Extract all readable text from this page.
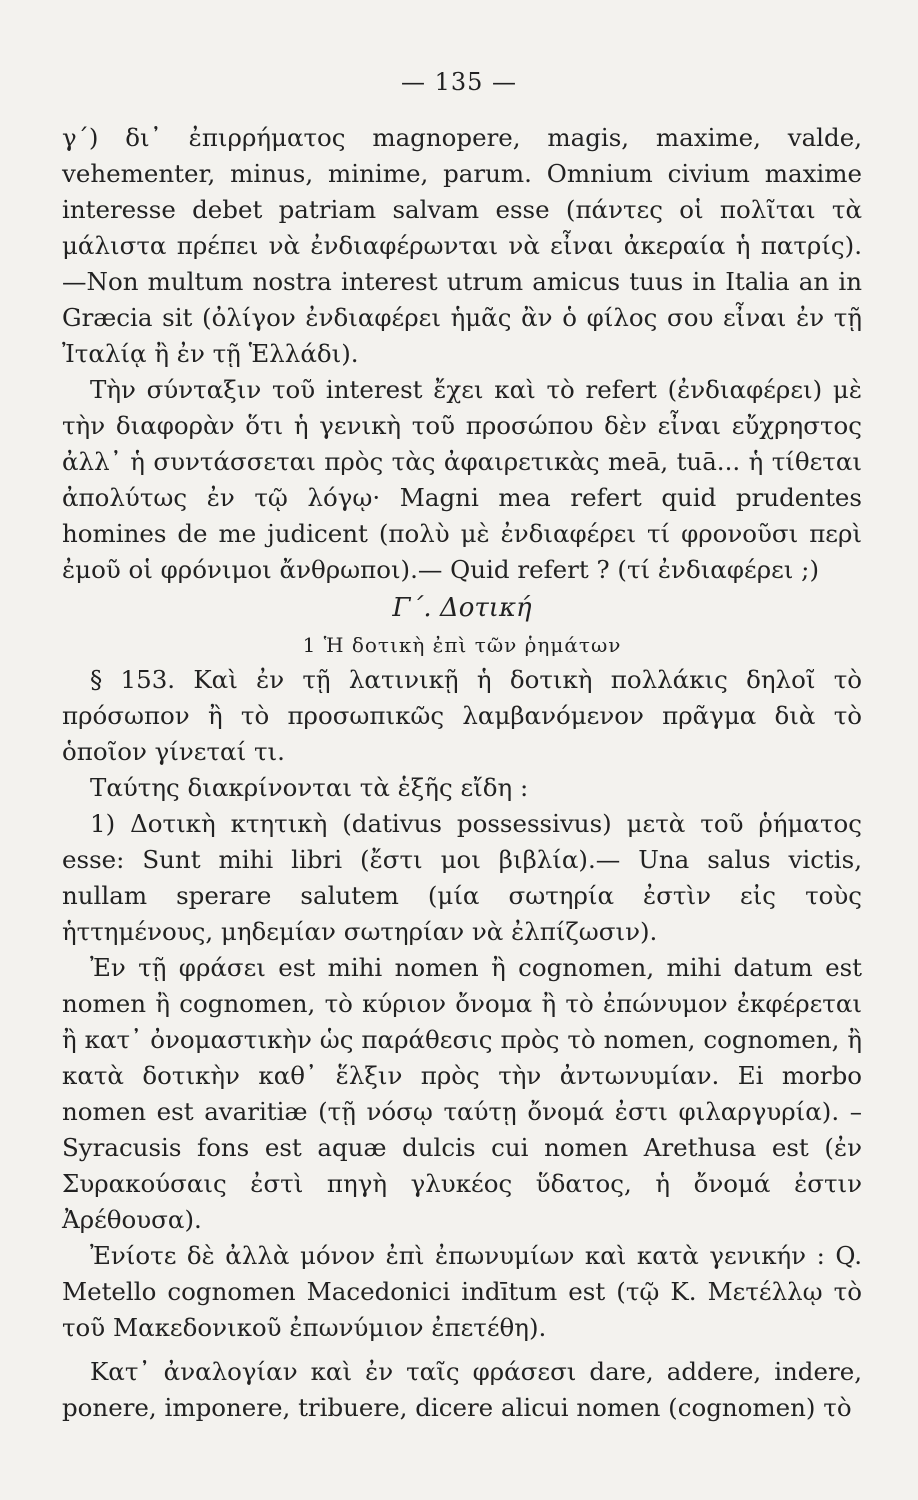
— 135 —

γ΄) δι᾽ ἐπιρρήματος magnopere, magis, maxime, valde, vehementer, minus, minime, parum. Omnium civium maxime interesse debet patriam salvam esse (πάντες οἱ πολῖται τὰ μάλιστα πρέπει νὰ ἐνδιαφέρωνται νὰ εἶναι ἀκεραία ἡ πατρίς).—Non multum nostra interest utrum amicus tuus in Italia an in Græcia sit (ὀλίγον ἐνδιαφέρει ἡμᾶς ἂν ὁ φίλος σου εἶναι ἐν τῇ Ἰταλίᾳ ἢ ἐν τῇ Ἑλλάδι).

Τὴν σύνταξιν τοῦ interest ἔχει καὶ τὸ refert (ἐνδιαφέρει) μὲ τὴν διαφορὰν ὅτι ἡ γενικὴ τοῦ προσώπου δὲν εἶναι εὔχρηστος ἀλλ᾽ ἡ συντάσσεται πρὸς τὰς ἀφαιρετικὰς meā, tuā... ἡ τίθεται ἀπολύτως ἐν τῷ λόγῳ· Magni mea refert quid prudentes homines de me judicent (πολὺ μὲ ἐνδιαφέρει τί φρονοῦσι περὶ ἐμοῦ οἱ φρόνιμοι ἄνθρωποι).— Quid refert ? (τί ἐνδιαφέρει ;)

Γ΄. Δοτική

1 Ἡ δοτικὴ ἐπὶ τῶν ῥημάτων

§ 153. Καὶ ἐν τῇ λατινικῇ ἡ δοτικὴ πολλάκις δηλοῖ τὸ πρόσωπον ἢ τὸ προσωπικῶς λαμβανόμενον πρᾶγμα διὰ τὸ ὁποῖον γίνεταί τι.

Ταύτης διακρίνονται τὰ ἑξῆς εἴδη :

1) Δοτικὴ κτητικὴ (dativus possessivus) μετὰ τοῦ ῥήματος esse: Sunt mihi libri (ἔστι μοι βιβλία).— Una salus victis, nullam sperare salutem (μία σωτηρία ἐστὶν εἰς τοὺς ἡττημένους, μηδεμίαν σωτηρίαν νὰ ἐλπίζωσιν).

Ἐν τῇ φράσει est mihi nomen ἢ cognomen, mihi datum est nomen ἢ cognomen, τὸ κύριον ὄνομα ἢ τὸ ἐπώνυμον ἐκφέρεται ἢ κατ᾽ ὀνομαστικὴν ὡς παράθεσις πρὸς τὸ nomen, cognomen, ἢ κατὰ δοτικὴν καθ᾽ ἕλξιν πρὸς τὴν ἀντωνυμίαν. Ei morbo nomen est avaritiæ (τῇ νόσῳ ταύτῃ ὄνομά ἐστι φιλαργυρία). – Syracusis fons est aquæ dulcis cui nomen Arethusa est (ἐν Συρακούσαις ἐστὶ πηγὴ γλυκέος ὕδατος, ἡ ὄνομά ἐστιν Ἀρέθουσα).

Ἐνίοτε δὲ ἀλλὰ μόνον ἐπὶ ἐπωνυμίων καὶ κατὰ γενικήν : Q. Metello cognomen Macedonici indītum est (τῷ Κ. Μετέλλῳ τὸ τοῦ Μακεδονικοῦ ἐπωνύμιον ἐπετέθη).

Κατ᾽ ἀναλογίαν καὶ ἐν ταῖς φράσεσι dare, addere, indere, ponere, imponere, tribuere, dicere alicui nomen (cognomen) τὸ
